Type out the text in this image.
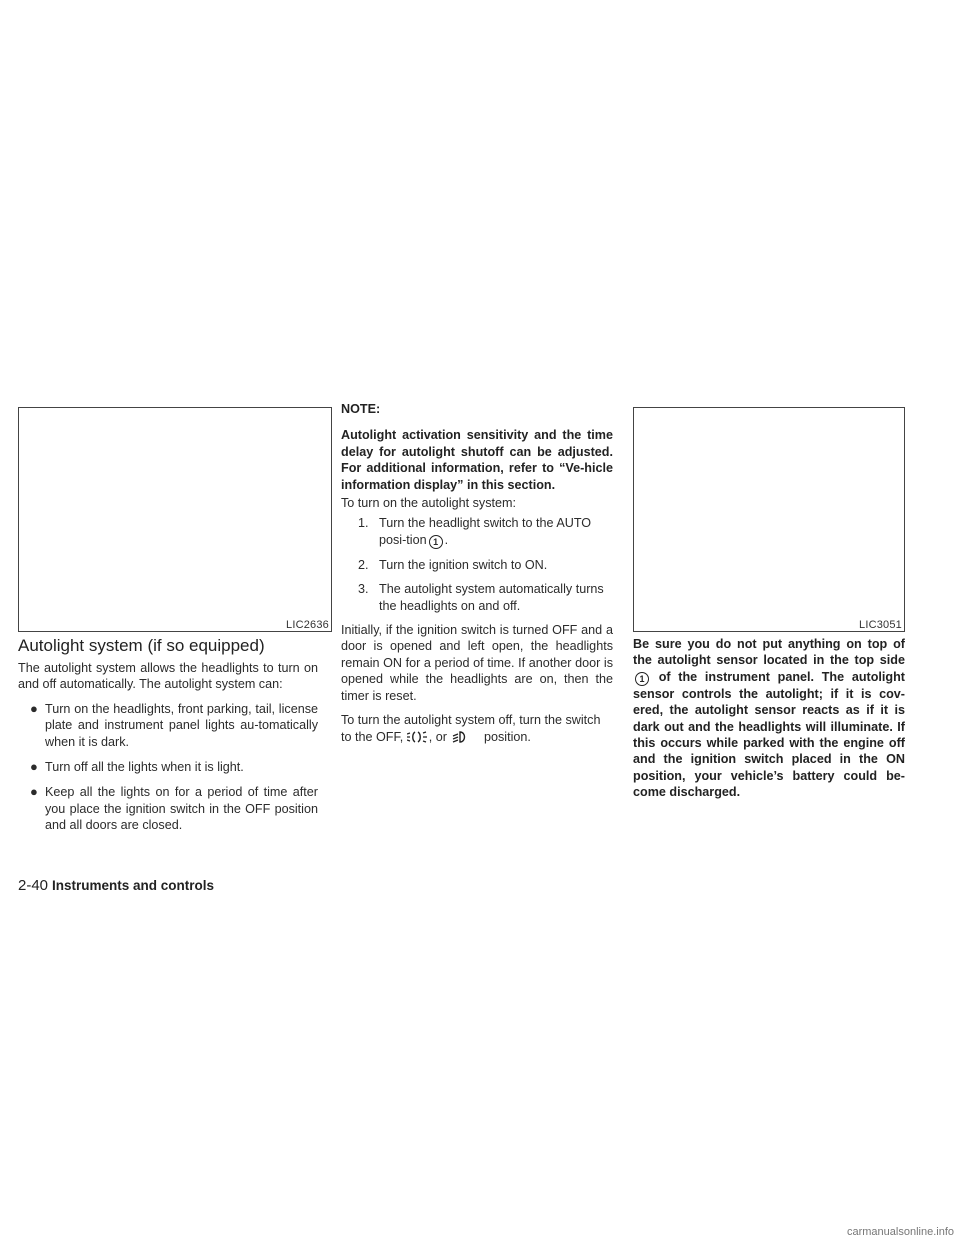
LIC2636	LIC3051
Autolight system (if so equipped)

The autolight system allows the headlights to turn on and off automatically. The autolight system can:

● Turn on the headlights, front parking, tail, license plate and instrument panel lights au-tomatically when it is dark.
● Turn off all the lights when it is light.
● Keep all the lights on for a period of time after you place the ignition switch in the OFF position and all doors are closed.

NOTE:

Autolight activation sensitivity and the time delay for autolight shutoff can be adjusted. For additional information, refer to “Ve-hicle information display” in this section.

To turn on the autolight system:

1. Turn the headlight switch to the AUTO posi-tion 1 .
2. Turn the ignition switch to ON.
3. The autolight system automatically turns the headlights on and off.

Initially, if the ignition switch is turned OFF and a door is opened and left open, the headlights remain ON for a period of time. If another door is opened while the headlights are on, then the timer is reset.

To turn the autolight system off, turn the switch to the OFF, , or	position.

Be sure you do not put anything on top of the autolight sensor located in the top side 1 of the instrument panel. The autolight sensor controls the autolight; if it is cov-ered, the autolight sensor reacts as if it is dark out and the headlights will illuminate. If this occurs while parked with the engine off and the ignition switch placed in the ON position, your vehicle’s battery could be-come discharged.

2-40 Instruments and controls
carmanualsonline.info
